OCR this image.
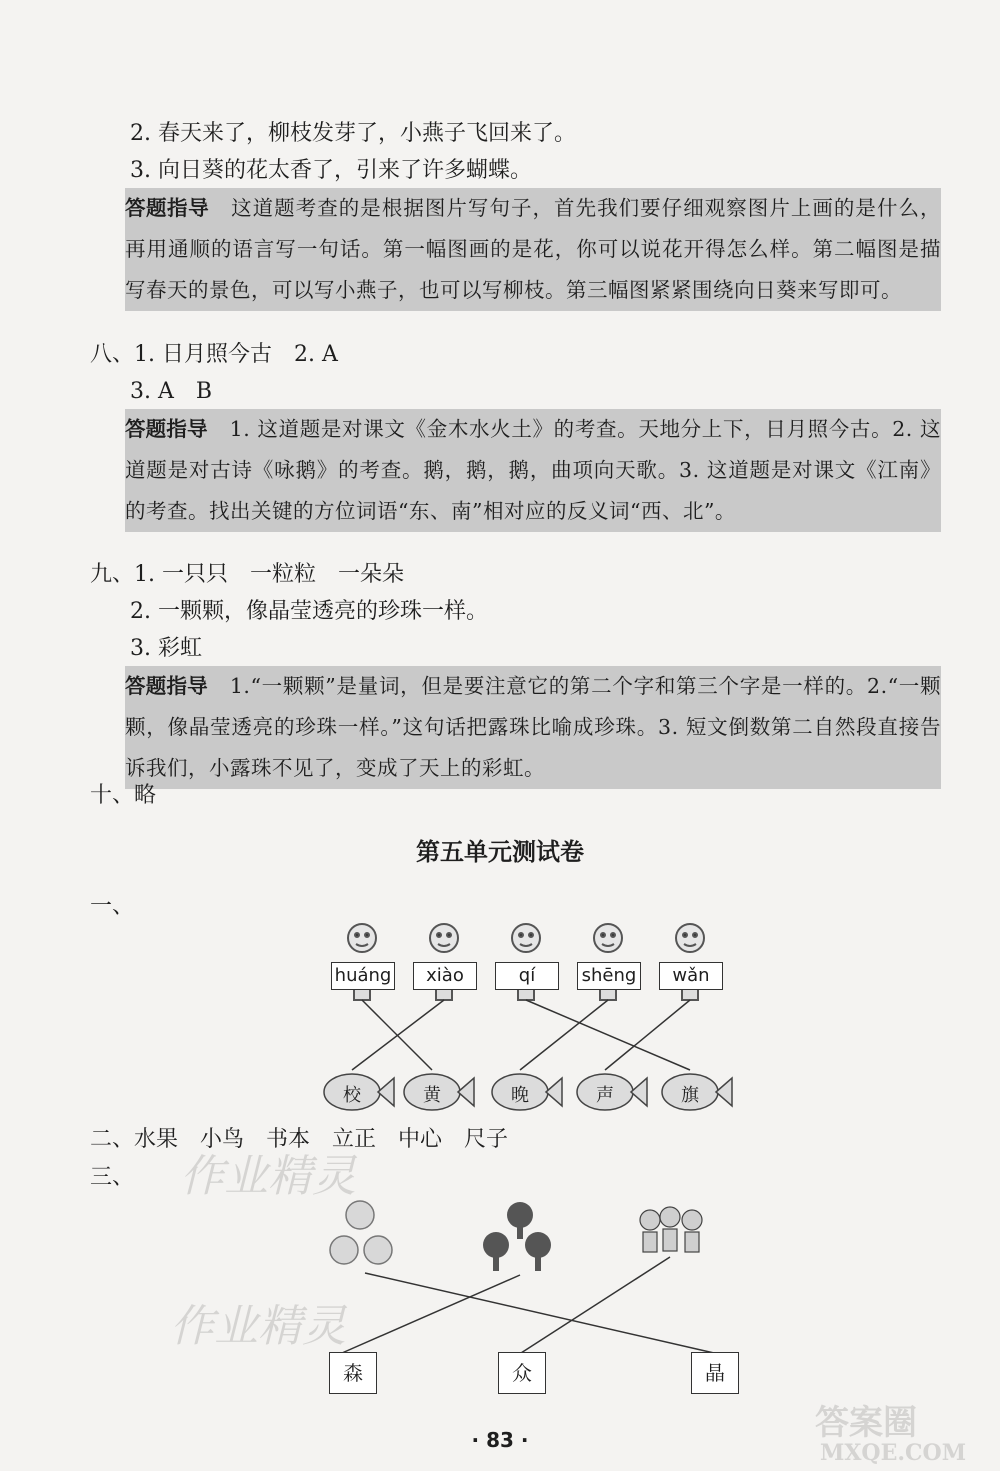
2. 春天来了，柳枝发芽了，小燕子飞回来了。
3. 向日葵的花太香了，引来了许多蝴蝶。
答题指导 这道题考查的是根据图片写句子，首先我们要仔细观察图片上画的是什么，再用通顺的语言写一句话。第一幅图画的是花，你可以说花开得怎么样。第二幅图是描写春天的景色，可以写小燕子，也可以写柳枝。第三幅图紧紧围绕向日葵来写即可。
八、1. 日月照今古　2. A
3. A　B
答题指导 1. 这道题是对课文《金木水火土》的考查。天地分上下，日月照今古。2. 这道题是对古诗《咏鹅》的考查。鹅，鹅，鹅，曲项向天歌。3. 这道题是对课文《江南》的考查。找出关键的方位词语“东、南”相对应的反义词“西、北”。
九、1. 一只只　一粒粒　一朵朵
2. 一颗颗，像晶莹透亮的珍珠一样。
3. 彩虹
答题指导 1.“一颗颗”是量词，但是要注意它的第二个字和第三个字是一样的。2.“一颗颗，像晶莹透亮的珍珠一样。”这句话把露珠比喻成珍珠。3. 短文倒数第二自然段直接告诉我们，小露珠不见了，变成了天上的彩虹。
十、略
第五单元测试卷
一、
huáng	xiào	qí	shēng	wǎn
校	黄	晚	声	旗
二、水果　小鸟　书本　立正　中心　尺子
三、
森	众	晶
作业精灵
作业精灵
答案圈
MXQE.COM
· 83 ·
